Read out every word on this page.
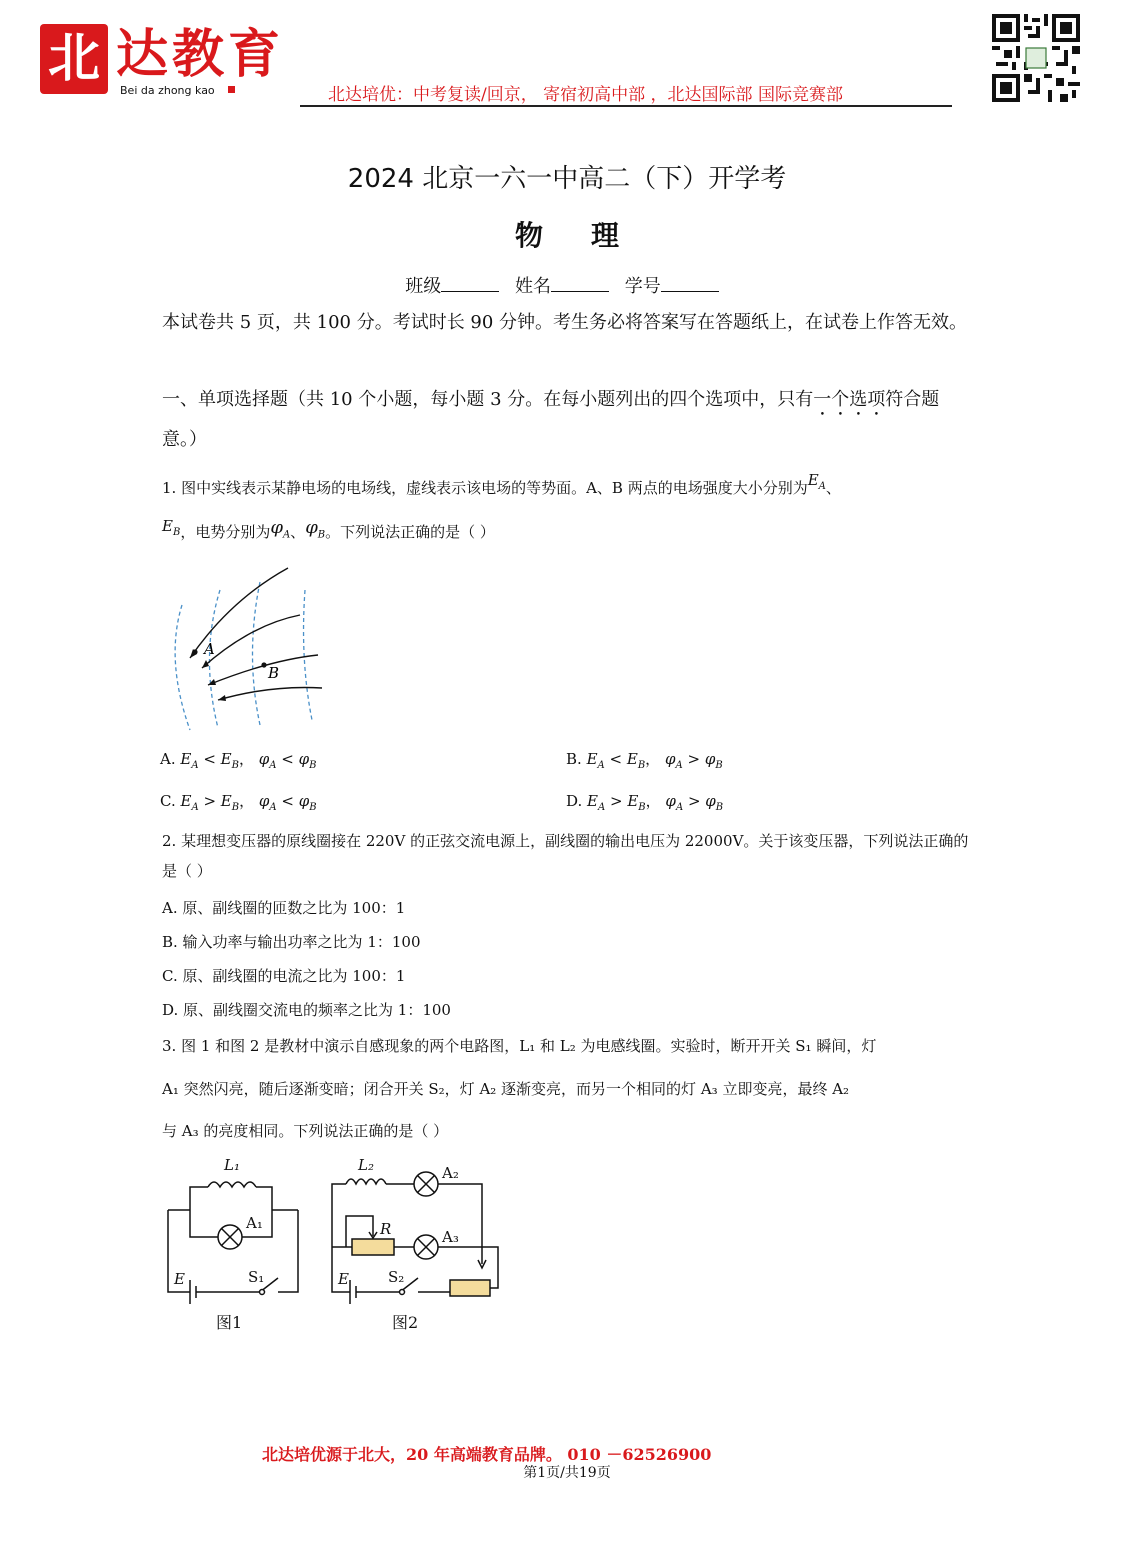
北 达教育
Bei da zhong kao	北达培优：中考复读/回京， 寄宿初高中部 ，北达国际部 国际竞赛部
2024 北京一六一中高二（下）开学考
物理
班级	姓名	学号
本试卷共 5 页，共 100 分。考试时长 90 分钟。考生务必将答案写在答题纸上，在试卷上作答无效。
一、单项选择题（共 10 个小题，每小题 3 分。在每小题列出的四个选项中，只有一个选项符合题意。）
1. 图中实线表示某静电场的电场线，虚线表示该电场的等势面。A、B 两点的电场强度大小分别为$E_A$、
$E_B$，电势分别为$\varphi_A$、$\varphi_B$。下列说法正确的是（ ）
A
B
A. $E_A < E_B$， $\varphi_A < \varphi_B$	B. $E_A < E_B$， $\varphi_A > \varphi_B$
C. $E_A > E_B$， $\varphi_A < \varphi_B$	D. $E_A > E_B$， $\varphi_A > \varphi_B$
2. 某理想变压器的原线圈接在 220V 的正弦交流电源上，副线圈的输出电压为 22000V。关于该变压器，下列说法正确的是（ ）
A. 原、副线圈的匝数之比为 100：1
B. 输入功率与输出功率之比为 1：100
C. 原、副线圈的电流之比为 100：1
D. 原、副线圈交流电的频率之比为 1：100
3. 图 1 和图 2 是教材中演示自感现象的两个电路图，L₁ 和 L₂ 为电感线圈。实验时，断开开关 S₁ 瞬间，灯
A₁ 突然闪亮，随后逐渐变暗；闭合开关 S₂，灯 A₂ 逐渐变亮，而另一个相同的灯 A₃ 立即变亮，最终 A₂
与 A₃ 的亮度相同。下列说法正确的是（ ）
L₁
A₁
E	S₁
L₂	A₂
R	A₃
E	S₂
图1	图2
北达培优源于北大，20 年高端教育品牌。 010 －62526900
第1页/共19页
